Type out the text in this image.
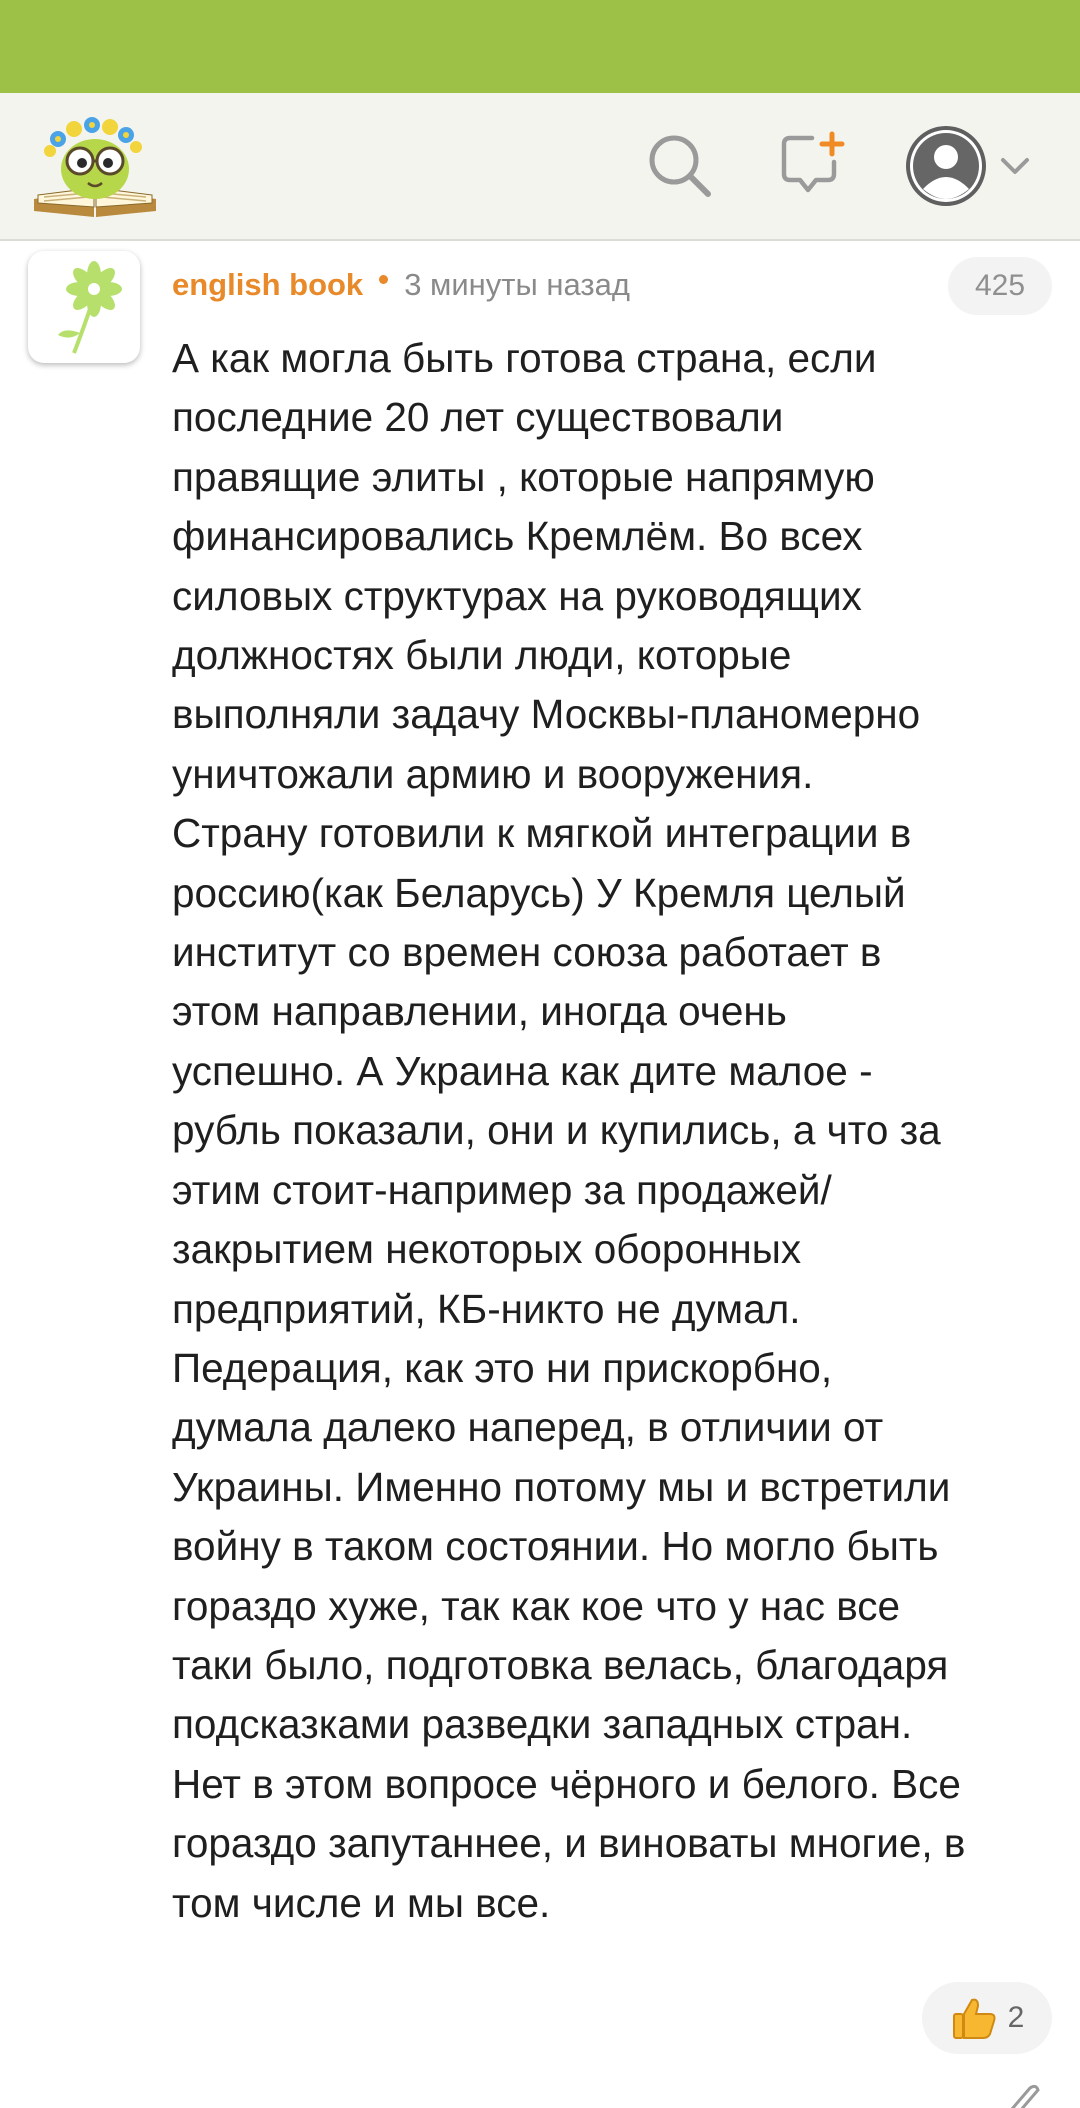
english book 3 минуты назад	425

А как могла быть готова страна, если
последние 20 лет существовали
правящие элиты , которые напрямую
финансировались Кремлём. Во всех
силовых структурах на руководящих
должностях были люди, которые
выполняли задачу Москвы-планомерно
уничтожали армию и вооружения.
Страну готовили к мягкой интеграции в
россию(как Беларусь) У Кремля целый
институт со времен союза работает в
этом направлении, иногда очень
успешно. А Украина как дите малое -
рубль показали, они и купились, а что за
этим стоит-например за продажей/
закрытием некоторых оборонных
предприятий, КБ-никто не думал.
Педерация, как это ни прискорбно,
думала далеко наперед, в отличии от
Украины. Именно потому мы и встретили
войну в таком состоянии. Но могло быть
гораздо хуже, так как кое что у нас все
таки было, подготовка велась, благодаря
подсказками разведки западных стран.
Нет в этом вопросе чёрного и белого. Все
гораздо запутаннее, и виноваты многие, в
том числе и мы все.

2
